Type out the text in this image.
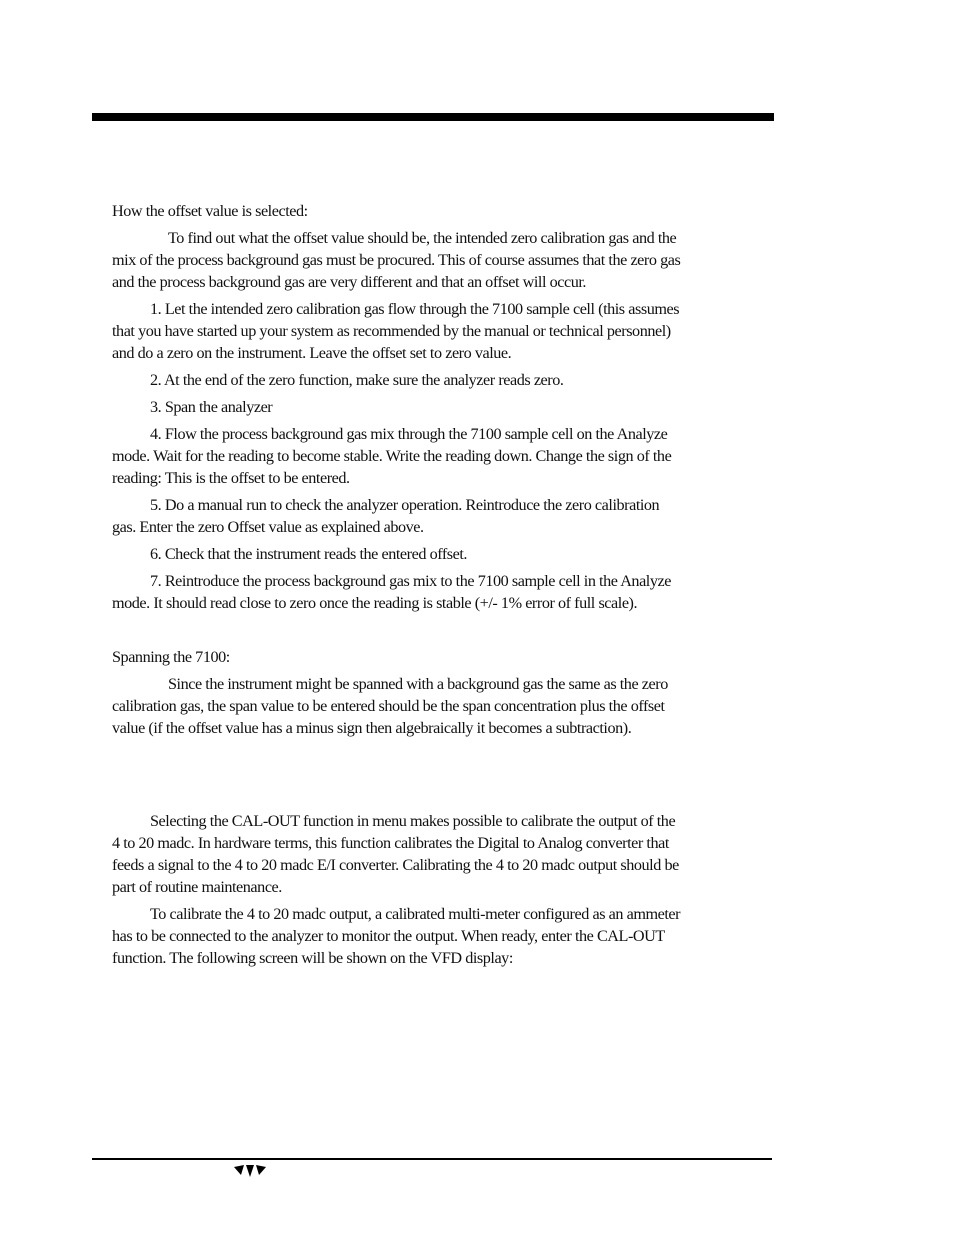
How the offset value is selected:

To find out what the offset value should be, the intended zero calibration gas and the mix of the process background gas must be procured. This of course assumes that the zero gas and the process background gas are very different and that an offset will occur.

1. Let the intended zero calibration gas flow through the 7100 sample cell (this assumes that you have started up your system as recommended by the manual or technical personnel) and do a zero on the instrument. Leave the offset set to zero value.

2. At the end of the zero function, make sure the analyzer reads zero.

3. Span the analyzer

4. Flow the process background gas mix through the 7100 sample cell on the Analyze mode. Wait for the reading to become stable. Write the reading down. Change the sign of the reading: This is the offset to be entered.

5. Do a manual run to check the analyzer operation. Reintroduce the zero calibration gas. Enter the zero Offset value as explained above.

6. Check that the instrument reads the entered offset.

7. Reintroduce the process background gas mix to the 7100 sample cell in the Analyze mode. It should read close to zero once the reading is stable (+/- 1% error of full scale).

Spanning the 7100:

Since the instrument might be spanned with a background gas the same as the zero calibration gas, the span value to be entered should be the span concentration plus the offset value (if the offset value has a minus sign then algebraically it becomes a subtraction).

Selecting the CAL-OUT function in menu makes possible to calibrate the output of the 4 to 20 madc. In hardware terms, this function calibrates the Digital to Analog converter that feeds a signal to the 4 to 20 madc E/I converter. Calibrating the 4 to 20 madc output should be part of routine maintenance.

To calibrate the 4 to 20 madc output, a calibrated multi-meter configured as an ammeter has to be connected to the analyzer to monitor the output. When ready, enter the CAL-OUT function. The following screen will be shown on the VFD display:
